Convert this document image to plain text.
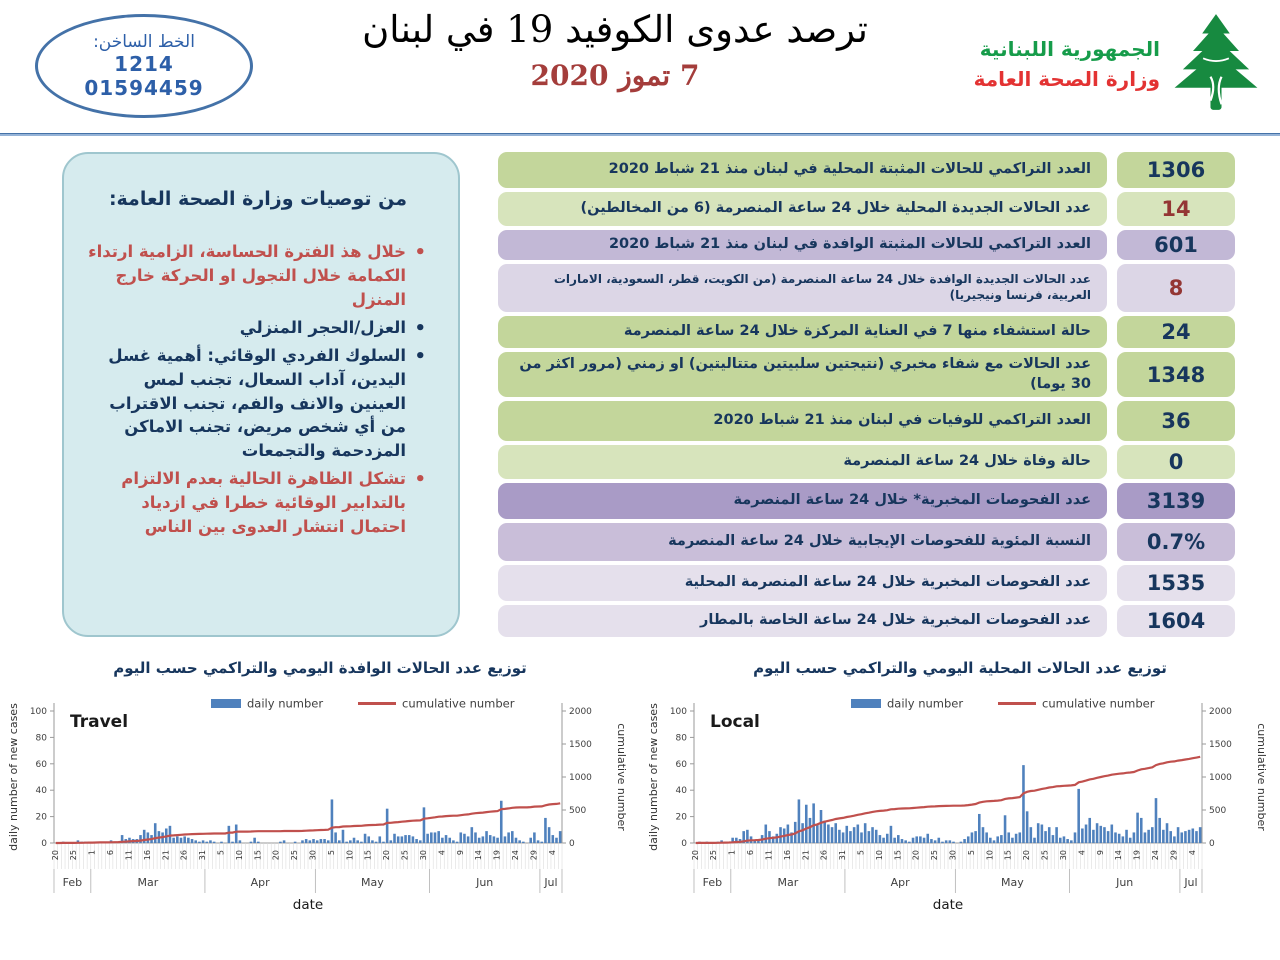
الخط الساخن:
1214
01594459
ترصد عدوى الكوفيد 19 في لبنان
7 تموز 2020
الجمهورية اللبنانية
وزارة الصحة العامة
من توصيات وزارة الصحة العامة:
• خلال هذ الفترة الحساسة، الزامية ارتداء الكمامة خلال التجول او الحركة خارج المنزل
• العزل/الحجر المنزلي
• السلوك الفردي الوقائي: أهمية غسل اليدين، آداب السعال، تجنب لمس العينين والانف والفم، تجنب الاقتراب من أي شخص مريض، تجنب الاماكن المزدحمة والتجمعات
• تشكل الظاهرة الحالية بعدم الالتزام بالتدابير الوقائية خطرا في ازدياد احتمال انتشار العدوى بين الناس
العدد التراكمي للحالات المثبتة المحلية في لبنان منذ 21 شباط 2020	1306
عدد الحالات الجديدة المحلية خلال 24 ساعة المنصرمة (6 من المخالطين)	14
العدد التراكمي للحالات المثبتة الوافدة في لبنان منذ 21 شباط 2020	601
عدد الحالات الجديدة الوافدة خلال 24 ساعة المنصرمة (من الكويت، قطر، السعودية، الامارات العربية، فرنسا ونيجيريا)	8
حالة استشفاء منها 7 في العناية المركزة خلال 24 ساعة المنصرمة	24
عدد الحالات مع شفاء مخبري (نتيجتين سلبيتين متتاليتين) او زمني (مرور اكثر من 30 يوما)	1348
العدد التراكمي للوفيات في لبنان منذ 21 شباط 2020	36
حالة وفاة خلال 24 ساعة المنصرمة	0
عدد الفحوصات المخبرية* خلال 24 ساعة المنصرمة	3139
النسبة المئوية للفحوصات الإيجابية خلال 24 ساعة المنصرمة	0.7%
عدد الفحوصات المخبرية خلال 24 ساعة المنصرمة المحلية	1535
عدد الفحوصات المخبرية خلال 24 ساعة الخاصة بالمطار	1604
توزيع عدد الحالات الوافدة اليومي والتراكمي حسب اليوم	توزيع عدد الحالات المحلية اليومي والتراكمي حسب اليوم
daily number	cumulative number
Travel
0
20
40
60
80
100
0
500
1000
1500
2000
daily number of new cases	cumulative number
20 25 1 6 11 16 21 26 31 5 10 15 20 25 30 5 10 15 20 25 30 4 9 14 19 24 29 4
Feb	Mar	Apr	May	Jun	Jul
date
daily number	cumulative number
Local
0
20
40
60
80
100
0
500
1000
1500
2000
daily number of new cases	cumulative number
20 25 1 6 11 16 21 26 31 5 10 15 20 25 30 5 10 15 20 25 30 4 9 14 19 24 29 4
Feb	Mar	Apr	May	Jun	Jul
date
